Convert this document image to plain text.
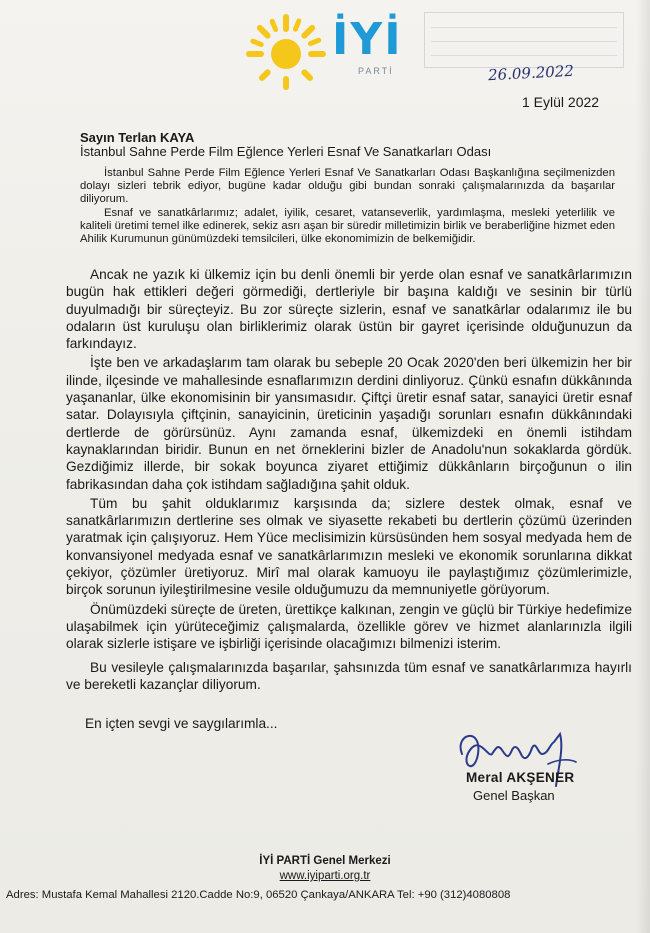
İYİ
PARTİ	26.09.2022
1 Eylül 2022
Sayın Terlan KAYA
İstanbul Sahne Perde Film Eğlence Yerleri Esnaf Ve Sanatkarları Odası

İstanbul Sahne Perde Film Eğlence Yerleri Esnaf Ve Sanatkarları Odası Başkanlığına seçilmenizden dolayı sizleri tebrik ediyor, bugüne kadar olduğu gibi bundan sonraki çalışmalarınızda da başarılar diliyorum.

Esnaf ve sanatkârlarımız; adalet, iyilik, cesaret, vatanseverlik, yardımlaşma, mesleki yeterlilik ve kaliteli üretimi temel ilke edinerek, sekiz asrı aşan bir süredir milletimizin birlik ve beraberliğine hizmet eden Ahilik Kurumunun günümüzdeki temsilcileri, ülke ekonomimizin de belkemiğidir.

Ancak ne yazık ki ülkemiz için bu denli önemli bir yerde olan esnaf ve sanatkârlarımızın bugün hak ettikleri değeri görmediği, dertleriyle bir başına kaldığı ve sesinin bir türlü duyulmadığı bir süreçteyiz. Bu zor süreçte sizlerin, esnaf ve sanatkârlar odalarımız ile bu odaların üst kuruluşu olan birliklerimiz olarak üstün bir gayret içerisinde olduğunuzun da farkındayız.

İşte ben ve arkadaşlarım tam olarak bu sebeple 20 Ocak 2020'den beri ülkemizin her bir ilinde, ilçesinde ve mahallesinde esnaflarımızın derdini dinliyoruz. Çünkü esnafın dükkânında yaşananlar, ülke ekonomisinin bir yansımasıdır. Çiftçi üretir esnaf satar, sanayici üretir esnaf satar. Dolayısıyla çiftçinin, sanayicinin, üreticinin yaşadığı sorunları esnafın dükkânındaki dertlerde de görürsünüz. Aynı zamanda esnaf, ülkemizdeki en önemli istihdam kaynaklarından biridir. Bunun en net örneklerini bizler de Anadolu'nun sokaklarda gördük. Gezdiğimiz illerde, bir sokak boyunca ziyaret ettiğimiz dükkânların birçoğunun o ilin fabrikasından daha çok istihdam sağladığına şahit olduk.

Tüm bu şahit olduklarımız karşısında da; sizlere destek olmak, esnaf ve sanatkârlarımızın dertlerine ses olmak ve siyasette rekabeti bu dertlerin çözümü üzerinden yaratmak için çalışıyoruz. Hem Yüce meclisimizin kürsüsünden hem sosyal medyada hem de konvansiyonel medyada esnaf ve sanatkârlarımızın mesleki ve ekonomik sorunlarına dikkat çekiyor, çözümler üretiyoruz. Mirî mal olarak kamuoyu ile paylaştığımız çözümlerimizle, birçok sorunun iyileştirilmesine vesile olduğumuzu da memnuniyetle görüyorum.

Önümüzdeki süreçte de üreten, ürettikçe kalkınan, zengin ve güçlü bir Türkiye hedefimize ulaşabilmek için yürüteceğimiz çalışmalarda, özellikle görev ve hizmet alanlarınızla ilgili olarak sizlerle istişare ve işbirliği içerisinde olacağımızı bilmenizi isterim.

Bu vesileyle çalışmalarınızda başarılar, şahsınızda tüm esnaf ve sanatkârlarımıza hayırlı ve bereketli kazançlar diliyorum.

En içten sevgi ve saygılarımla...
Meral AKŞENER
Genel Başkan
İYİ PARTİ Genel Merkezi
www.iyiparti.org.tr
Adres: Mustafa Kemal Mahallesi 2120.Cadde No:9, 06520 Çankaya/ANKARA Tel: +90 (312)4080808
